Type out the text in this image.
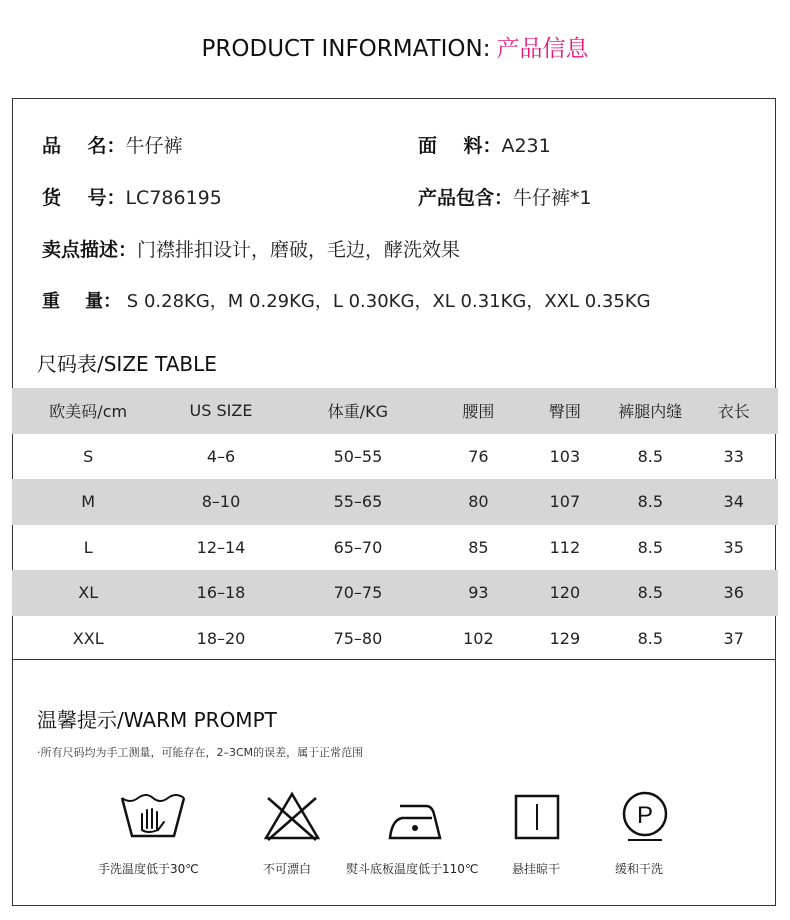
PRODUCT INFORMATION: 产品信息
品    名：牛仔裤	面    料：A231
货    号：LC786195	产品包含：牛仔裤*1
卖点描述：门襟排扣设计，磨破，毛边，酵洗效果
重    量： S 0.28KG，M 0.29KG，L 0.30KG，XL 0.31KG，XXL 0.35KG
尺码表/SIZE TABLE
欧美码/cm	US SIZE	体重/KG	腰围	臀围	裤腿内缝	衣长
S	4–6	50–55	76	103	8.5	33
M	8–10	55–65	80	107	8.5	34
L	12–14	65–70	85	112	8.5	35
XL	16–18	70–75	93	120	8.5	36
XXL	18–20	75–80	102	129	8.5	37
温馨提示/WARM PROMPT
·所有尺码均为手工测量，可能存在，2–3CM的误差，属于正常范围
P
手洗温度低于30℃	不可漂白	熨斗底板温度低于110℃	悬挂晾干	缓和干洗
